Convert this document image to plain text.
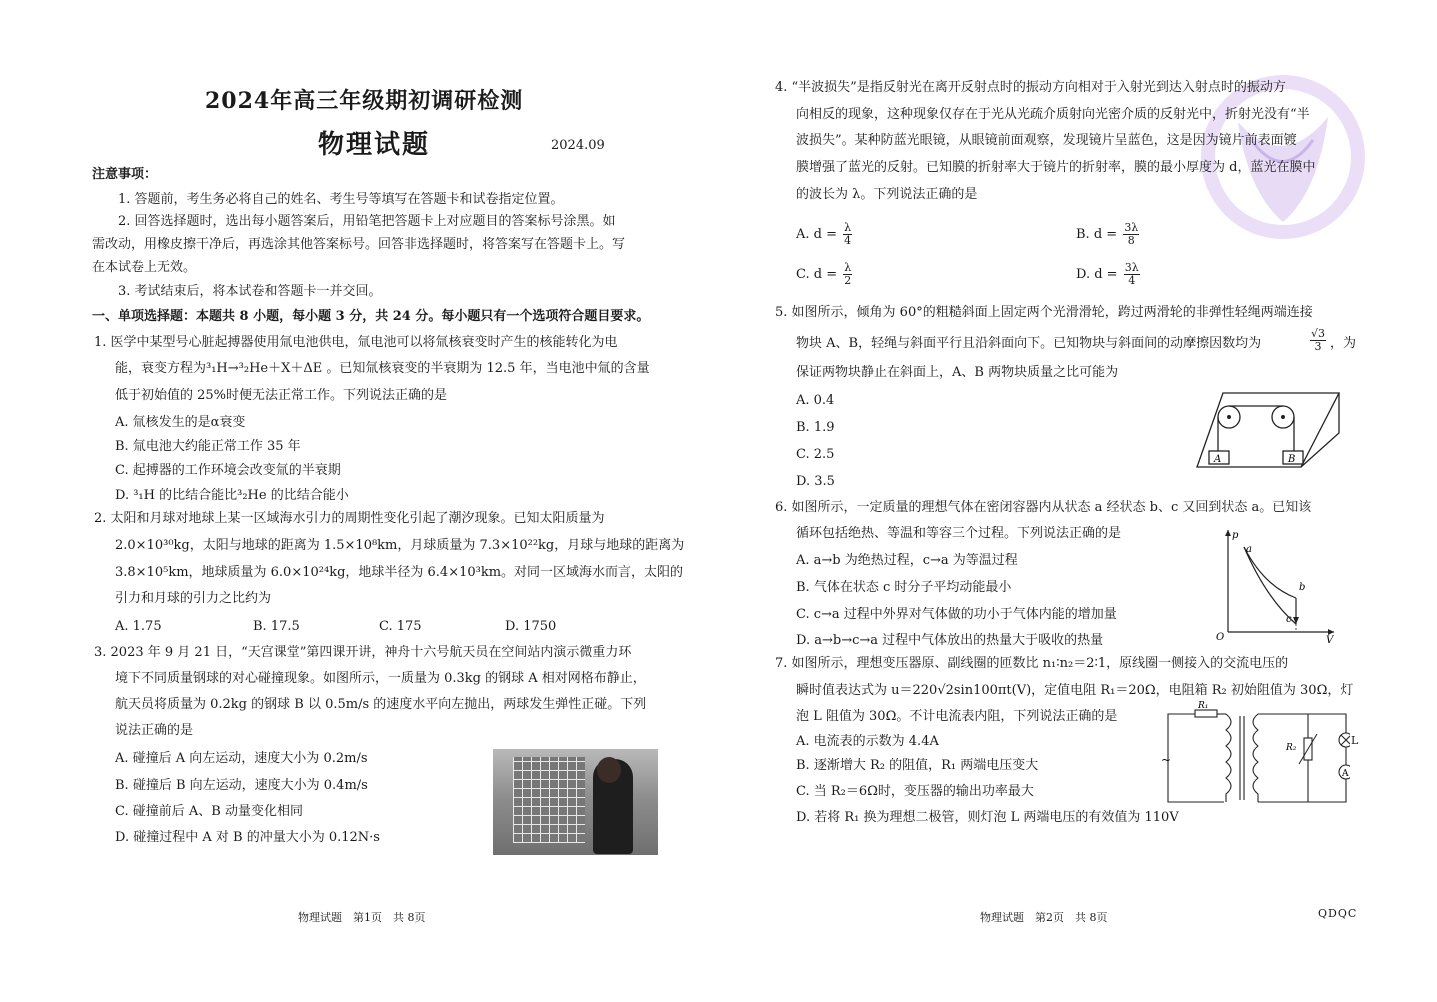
2024年高三年级期初调研检测
物理试题	2024.09
注意事项：
1. 答题前，考生务必将自己的姓名、考生号等填写在答题卡和试卷指定位置。
2. 回答选择题时，选出每小题答案后，用铅笔把答题卡上对应题目的答案标号涂黑。如
需改动，用橡皮擦干净后，再选涂其他答案标号。回答非选择题时，将答案写在答题卡上。写
在本试卷上无效。
3. 考试结束后，将本试卷和答题卡一并交回。
一、单项选择题：本题共 8 小题，每小题 3 分，共 24 分。每小题只有一个选项符合题目要求。
1. 医学中某型号心脏起搏器使用氚电池供电，氚电池可以将氚核衰变时产生的核能转化为电
能，衰变方程为³₁H→³₂He＋X＋ΔE 。已知氚核衰变的半衰期为 12.5 年，当电池中氚的含量
低于初始值的 25%时便无法正常工作。下列说法正确的是
A. 氚核发生的是α衰变
B. 氚电池大约能正常工作 35 年
C. 起搏器的工作环境会改变氚的半衰期
D. ³₁H 的比结合能比³₂He 的比结合能小
2. 太阳和月球对地球上某一区域海水引力的周期性变化引起了潮汐现象。已知太阳质量为
2.0×10³⁰kg，太阳与地球的距离为 1.5×10⁸km，月球质量为 7.3×10²²kg，月球与地球的距离为
3.8×10⁵km，地球质量为 6.0×10²⁴kg，地球半径为 6.4×10³km。对同一区域海水而言，太阳的
引力和月球的引力之比约为
A. 1.75	B. 17.5	C. 175	D. 1750
3. 2023 年 9 月 21 日，“天宫课堂”第四课开讲，神舟十六号航天员在空间站内演示微重力环
境下不同质量钢球的对心碰撞现象。如图所示，一质量为 0.3kg 的钢球 A 相对网格布静止，
航天员将质量为 0.2kg 的钢球 B 以 0.5m/s 的速度水平向左抛出，两球发生弹性正碰。下列
说法正确的是
A. 碰撞后 A 向左运动，速度大小为 0.2m/s
B. 碰撞后 B 向左运动，速度大小为 0.4m/s
C. 碰撞前后 A、B 动量变化相同
D. 碰撞过程中 A 对 B 的冲量大小为 0.12N·s
物理试题　第1页　共 8页
4. “半波损失”是指反射光在离开反射点时的振动方向相对于入射光到达入射点时的振动方
向相反的现象，这种现象仅存在于光从光疏介质射向光密介质的反射光中，折射光没有“半
波损失”。某种防蓝光眼镜，从眼镜前面观察，发现镜片呈蓝色，这是因为镜片前表面镀
膜增强了蓝光的反射。已知膜的折射率大于镜片的折射率，膜的最小厚度为 d，蓝光在膜中
的波长为 λ。下列说法正确的是
A. $d = \frac{\lambda}{4}$	B. $d = \frac{3\lambda}{8}$
C. $d = \frac{\lambda}{2}$	D. $d = \frac{3\lambda}{4}$
5. 如图所示，倾角为 60°的粗糙斜面上固定两个光滑滑轮，跨过两滑轮的非弹性轻绳两端连接
物块 A、B，轻绳与斜面平行且沿斜面向下。已知物块与斜面间的动摩擦因数均为	$\frac{√3}{3}$ ，为
保证两物块静止在斜面上，A、B 两物块质量之比可能为
A. 0.4
B. 1.9
C. 2.5
D. 3.5
A	B
6. 如图所示，一定质量的理想气体在密闭容器内从状态 a 经状态 b、c 又回到状态 a。已知该
循环包括绝热、等温和等容三个过程。下列说法正确的是
A. a→b 为绝热过程，c→a 为等温过程
B. 气体在状态 c 时分子平均动能最小
C. c→a 过程中外界对气体做的功小于气体内能的增加量
D. a→b→c→a 过程中气体放出的热量大于吸收的热量
p
V
O
a
b
c
7. 如图所示，理想变压器原、副线圈的匝数比 n₁∶n₂＝2∶1，原线圈一侧接入的交流电压的
瞬时值表达式为 u＝220√2sin100πt(V)，定值电阻 R₁＝20Ω，电阻箱 R₂ 初始阻值为 30Ω，灯
泡 L 阻值为 30Ω。不计电流表内阻，下列说法正确的是
A. 电流表的示数为 4.4A
B. 逐渐增大 R₂ 的阻值，R₁ 两端电压变大
C. 当 R₂＝6Ω时，变压器的输出功率最大
D. 若将 R₁ 换为理想二极管，则灯泡 L 两端电压的有效值为 110V
R₁
~
R₂
A
L
物理试题　第2页　共 8页	QDQC
